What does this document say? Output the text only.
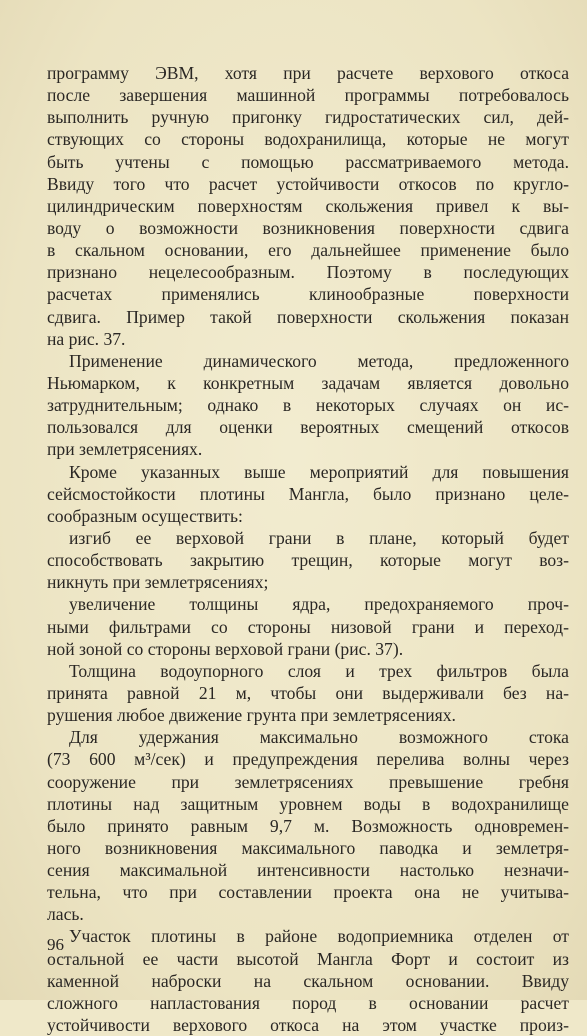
программу ЭВМ, хотя при расчете верхового откоса
после завершения машинной программы потребовалось
выполнить ручную пригонку гидростатических сил, дей-
ствующих со стороны водохранилища, которые не могут
быть учтены с помощью рассматриваемого метода.
Ввиду того что расчет устойчивости откосов по кругло-
цилиндрическим поверхностям скольжения привел к вы-
воду о возможности возникновения поверхности сдвига
в скальном основании, его дальнейшее применение было
признано нецелесообразным. Поэтому в последующих
расчетах применялись клинообразные поверхности
сдвига. Пример такой поверхности скольжения показан
на рис. 37.
Применение динамического метода, предложенного
Ньюмарком, к конкретным задачам является довольно
затруднительным; однако в некоторых случаях он ис-
пользовался для оценки вероятных смещений откосов
при землетрясениях.
Кроме указанных выше мероприятий для повышения
сейсмостойкости плотины Мангла, было признано целе-
сообразным осуществить:
изгиб ее верховой грани в плане, который будет
способствовать закрытию трещин, которые могут воз-
никнуть при землетрясениях;
увеличение толщины ядра, предохраняемого проч-
ными фильтрами со стороны низовой грани и переход-
ной зоной со стороны верховой грани (рис. 37).
Толщина водоупорного слоя и трех фильтров была
принята равной 21 м, чтобы они выдерживали без на-
рушения любое движение грунта при землетрясениях.
Для удержания максимально возможного стока
(73 600 м³/сек) и предупреждения перелива волны через
сооружение при землетрясениях превышение гребня
плотины над защитным уровнем воды в водохранилище
было принято равным 9,7 м. Возможность одновремен-
ного возникновения максимального паводка и землетря-
сения максимальной интенсивности настолько незначи-
тельна, что при составлении проекта она не учитыва-
лась.
Участок плотины в районе водоприемника отделен от
остальной ее части высотой Мангла Форт и состоит из
каменной наброски на скальном основании. Ввиду
сложного напластования пород в основании расчет
устойчивости верхового откоса на этом участке произ-
96
